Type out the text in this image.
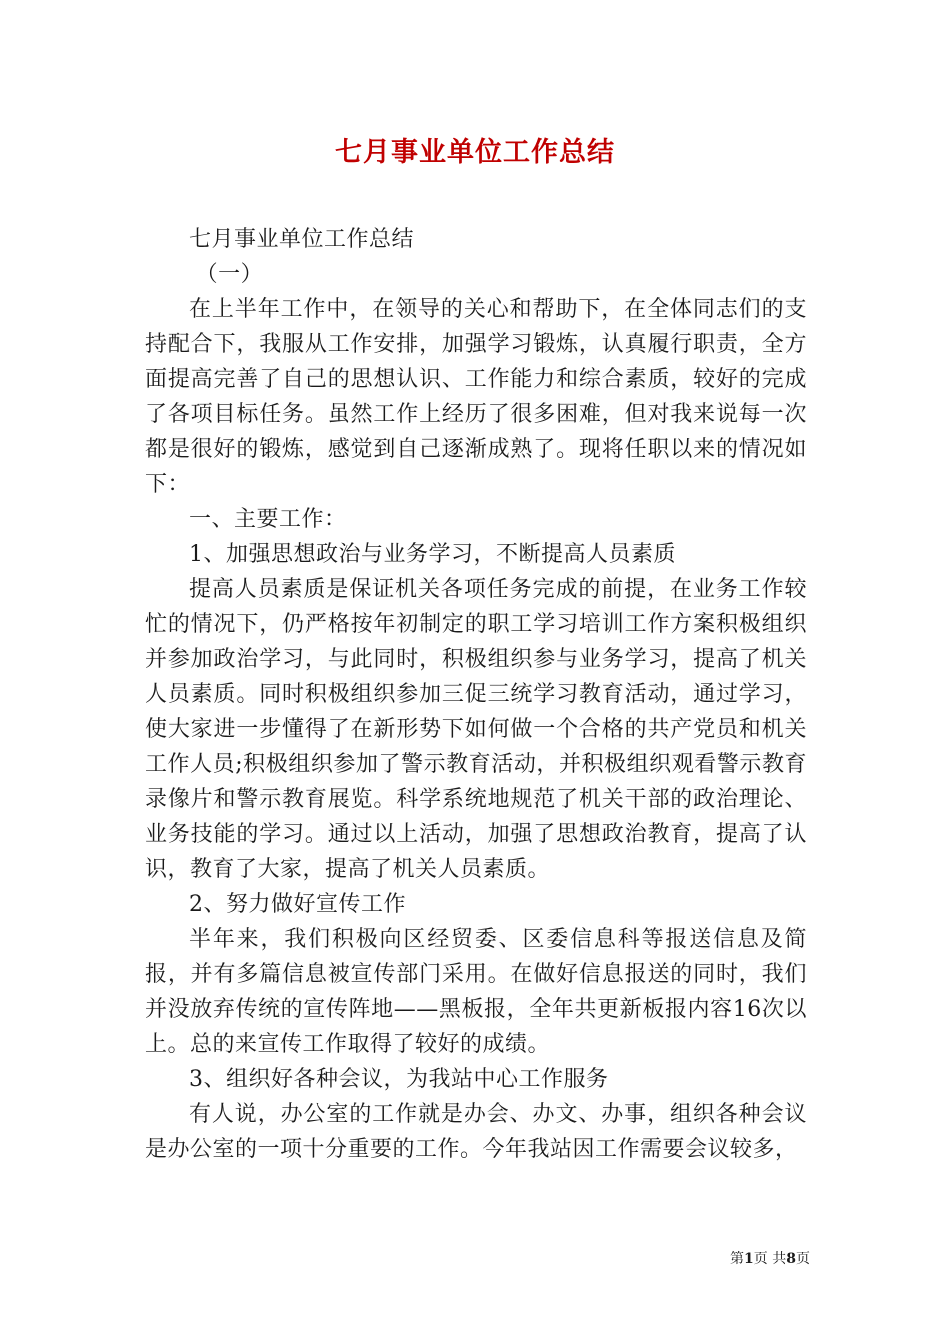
七月事业单位工作总结

七月事业单位工作总结

（一）

在上半年工作中，在领导的关心和帮助下，在全体同志们的支持配合下，我服从工作安排，加强学习锻炼，认真履行职责，全方面提高完善了自己的思想认识、工作能力和综合素质，较好的完成了各项目标任务。虽然工作上经历了很多困难，但对我来说每一次都是很好的锻炼，感觉到自己逐渐成熟了。现将任职以来的情况如下：

一、主要工作：

1、加强思想政治与业务学习，不断提高人员素质

提高人员素质是保证机关各项任务完成的前提，在业务工作较忙的情况下，仍严格按年初制定的职工学习培训工作方案积极组织并参加政治学习，与此同时，积极组织参与业务学习，提高了机关人员素质。同时积极组织参加三促三统学习教育活动，通过学习，使大家进一步懂得了在新形势下如何做一个合格的共产党员和机关工作人员;积极组织参加了警示教育活动，并积极组织观看警示教育录像片和警示教育展览。科学系统地规范了机关干部的政治理论、业务技能的学习。通过以上活动，加强了思想政治教育，提高了认识，教育了大家，提高了机关人员素质。

2、努力做好宣传工作

半年来，我们积极向区经贸委、区委信息科等报送信息及简报，并有多篇信息被宣传部门采用。在做好信息报送的同时，我们并没放弃传统的宣传阵地——黑板报，全年共更新板报内容16次以上。总的来宣传工作取得了较好的成绩。

3、组织好各种会议，为我站中心工作服务

有人说，办公室的工作就是办会、办文、办事，组织各种会议是办公室的一项十分重要的工作。今年我站因工作需要会议较多，

第1页 共8页
